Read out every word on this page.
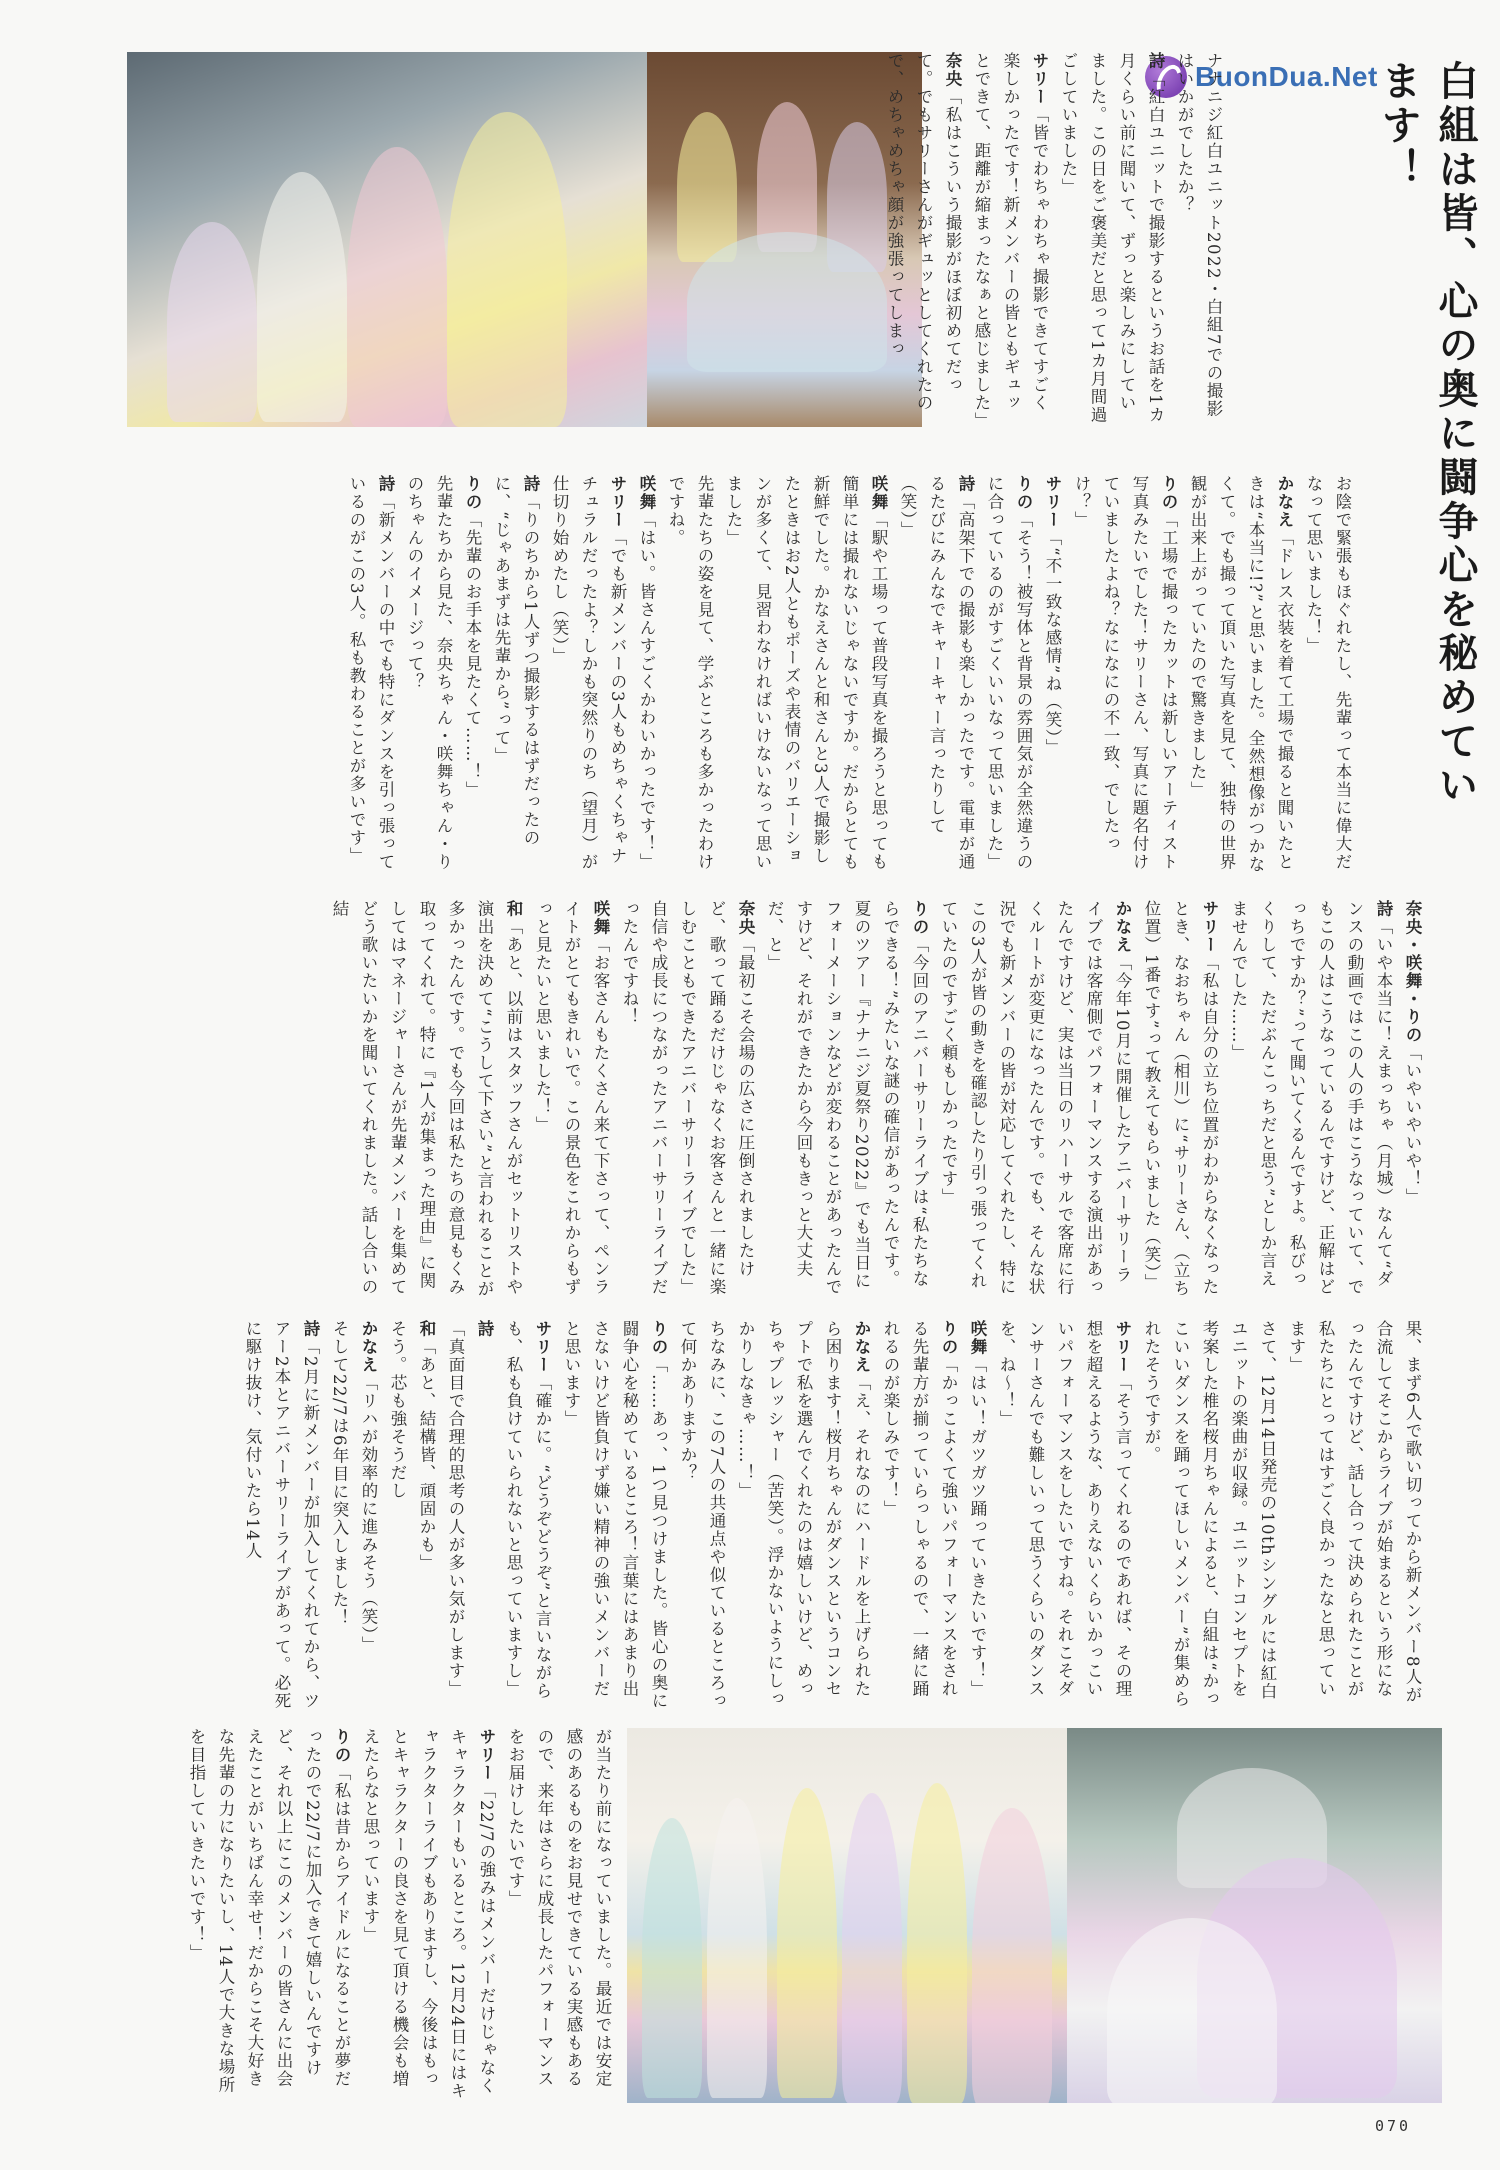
BuonDua.Net	白組は皆、心の奥に闘争心を秘めています！

ナナニジ紅白ユニット2022・白組7での撮影はいかがでしたか？

詩「紅白ユニットで撮影するというお話を1カ月くらい前に聞いて、ずっと楽しみにしていました。この日をご褒美だと思って1カ月間過ごしていました」

サリー「皆でわちゃわちゃ撮影できてすごく楽しかったです！新メンバーの皆ともギュッとできて、距離が縮まったなぁと感じました」

奈央「私はこういう撮影がほぼ初めてだって。でもサリーさんがギュッとしてくれたので、めちゃめちゃ顔が強張ってしまっ

お陰で緊張もほぐれたし、先輩って本当に偉大だなって思いました！」

かなえ「ドレス衣装を着て工場で撮ると聞いたときは“本当に!?”と思いました。全然想像がつかなくて。でも撮って頂いた写真を見て、独特の世界観が出来上がっていたので驚きました」

りの「工場で撮ったカットは新しいアーティスト写真みたいでした！サリーさん、写真に題名付けていましたよね？なになにの不一致、でしたっけ？」

サリー「“不一致な感情”ね（笑）」

りの「そう！被写体と背景の雰囲気が全然違うのに合っているのがすごくいいなって思いました」

詩「高架下での撮影も楽しかったです。電車が通るたびにみんなでキャーキャー言ったりして（笑）」

咲舞「駅や工場って普段写真を撮ろうと思っても簡単には撮れないじゃないですか。だからとても新鮮でした。かなえさんと和さんと3人で撮影したときはお2人ともポーズや表情のバリエーションが多くて、見習わなければいけないなって思いました」

先輩たちの姿を見て、学ぶところも多かったわけですね。

咲舞「はい。皆さんすごくかわいかったです！」

サリー「でも新メンバーの3人もめちゃくちゃナチュラルだったよ？しかも突然りのち（望月）が仕切り始めたし（笑）」

詩「りのちから1人ずつ撮影するはずだったのに、“じゃあまずは先輩から”って」

りの「先輩のお手本を見たくて……！」

先輩たちから見た、奈央ちゃん・咲舞ちゃん・りのちゃんのイメージって？

詩「新メンバーの中でも特にダンスを引っ張っているのがこの3人。私も教わることが多いです」

奈央・咲舞・りの「いやいやいや！」

詩「いや本当に！えまっちゃ（月城）なんて“ダンスの動画ではこの人の手はこうなっていて、でもこの人はこうなっているんですけど、正解はどっちですか？”って聞いてくるんですよ。私びっくりして、ただぶんこっちだと思う”としか言えませんでした……」

サリー「私は自分の立ち位置がわからなくなったとき、なおちゃん（相川）に“サリーさん、（立ち位置）1番です”って教えてもらいました（笑）」

かなえ「今年10月に開催したアニバーサリーライブでは客席側でパフォーマンスする演出があったんですけど、実は当日のリハーサルで客席に行くルートが変更になったんです。でも、そんな状況でも新メンバーの皆が対応してくれたし、特にこの3人が皆の動きを確認したり引っ張ってくれていたのですごく頼もしかったです」

りの「今回のアニバーサリーライブは“私たちならできる！”みたいな謎の確信があったんです。夏のツアー『ナナニジ夏祭り2022』でも当日にフォーメーションなどが変わることがあったんですけど、それができたから今回もきっと大丈夫だ、と」

奈央「最初こそ会場の広さに圧倒されましたけど、歌って踊るだけじゃなくお客さんと一緒に楽しむこともできたアニバーサリーライブでした」

自信や成長につながったアニバーサリーライブだったんですね！

咲舞「お客さんもたくさん来て下さって、ペンライトがとてもきれいで。この景色をこれからもずっと見たいと思いました！」

和「あと、以前はスタッフさんがセットリストや演出を決めて“こうして下さい”と言われることが多かったんです。でも今回は私たちの意見もくみ取ってくれて。特に『1人が集まった理由』に関してはマネージャーさんが先輩メンバーを集めてどう歌いたいかを聞いてくれました。話し合いの結

果、まず6人で歌い切ってから新メンバー8人が合流してそこからライブが始まるという形になったんですけど、話し合って決められたことが私たちにとってはすごく良かったなと思っています」

さて、12月14日発売の10thシングルには紅白ユニットの楽曲が収録。ユニットコンセプトを考案した椎名桜月ちゃんによると、白組は“かっこいいダンスを踊ってほしいメンバー”が集められたそうですが。

サリー「そう言ってくれるのであれば、その理想を超えるような、ありえないくらいかっこいいパフォーマンスをしたいですね。それこそダンサーさんでも難しいって思うくらいのダンスを、ね～！」

咲舞「はい！ガツガツ踊っていきたいです！」

りの「かっこよくて強いパフォーマンスをされる先輩方が揃っていらっしゃるので、一緒に踊れるのが楽しみです！」

かなえ「え、それなのにハードルを上げられたら困ります！桜月ちゃんがダンスというコンセプトで私を選んでくれたのは嬉しいけど、めっちゃプレッシャー（苦笑）。浮かないようにしっかりしなきゃ……！」

ちなみに、この7人の共通点や似ているところって何かありますか？

りの「……あっ、1つ見つけました。皆心の奥に闘争心を秘めているところ！言葉にはあまり出さないけど皆負けず嫌い精神の強いメンバーだと思います」

サリー「確かに。“どうぞどうぞ”と言いながらも、私も負けていられないと思っていますし」

詩「真面目で合理的思考の人が多い気がします」

和「あと、結構皆、頑固かも」

そう。芯も強そうだし

かなえ「リハが効率的に進みそう（笑）」

そして22/7は6年目に突入しました！

詩「2月に新メンバーが加入してくれてから、ツアー2本とアニバーサリーライブがあって。必死に駆け抜け、気付いたら14人

が当たり前になっていました。最近では安定感のあるものをお見せできている実感もあるので、来年はさらに成長したパフォーマンスをお届けしたいです」

サリー「22/7の強みはメンバーだけじゃなくキャラクターもいるところ。12月24日にはキャラクターライブもありますし、今後はもっとキャラクターの良さを見て頂ける機会も増えたらなと思っています」

りの「私は昔からアイドルになることが夢だったので22/7に加入できて嬉しいんですけど、それ以上にこのメンバーの皆さんに出会えたことがいちばん幸せ！だからこそ大好きな先輩の力になりたいし、14人で大きな場所を目指していきたいです！」

070
